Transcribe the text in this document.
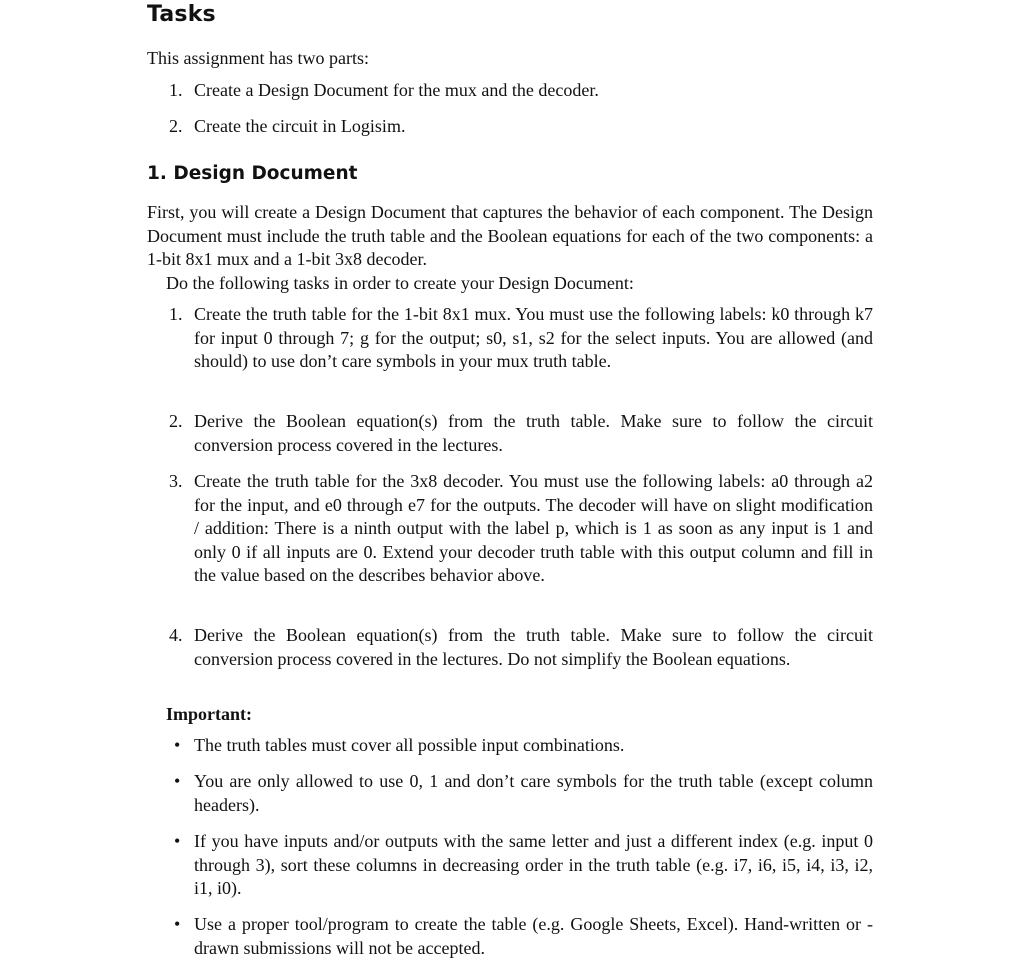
Tasks
This assignment has two parts:
1. Create a Design Document for the mux and the decoder.
2. Create the circuit in Logisim.
1. Design Document
First, you will create a Design Document that captures the behavior of each component. The Design Document must include the truth table and the Boolean equations for each of the two components: a 1-bit 8x1 mux and a 1-bit 3x8 decoder.
Do the following tasks in order to create your Design Document:
1. Create the truth table for the 1-bit 8x1 mux. You must use the following labels: k0 through k7 for input 0 through 7; g for the output; s0, s1, s2 for the select inputs. You are allowed (and should) to use don’t care symbols in your mux truth table.
2. Derive the Boolean equation(s) from the truth table. Make sure to follow the circuit conversion process covered in the lectures.
3. Create the truth table for the 3x8 decoder. You must use the following labels: a0 through a2 for the input, and e0 through e7 for the outputs. The decoder will have on slight modification / addition: There is a ninth output with the label p, which is 1 as soon as any input is 1 and only 0 if all inputs are 0. Extend your decoder truth table with this output column and fill in the value based on the describes behavior above.
4. Derive the Boolean equation(s) from the truth table. Make sure to follow the circuit conversion process covered in the lectures. Do not simplify the Boolean equations.
Important:
• The truth tables must cover all possible input combinations.
• You are only allowed to use 0, 1 and don’t care symbols for the truth table (except column headers).
• If you have inputs and/or outputs with the same letter and just a different index (e.g. input 0 through 3), sort these columns in decreasing order in the truth table (e.g. i7, i6, i5, i4, i3, i2, i1, i0).
• Use a proper tool/program to create the table (e.g. Google Sheets, Excel). Hand-written or -drawn submissions will not be accepted.
